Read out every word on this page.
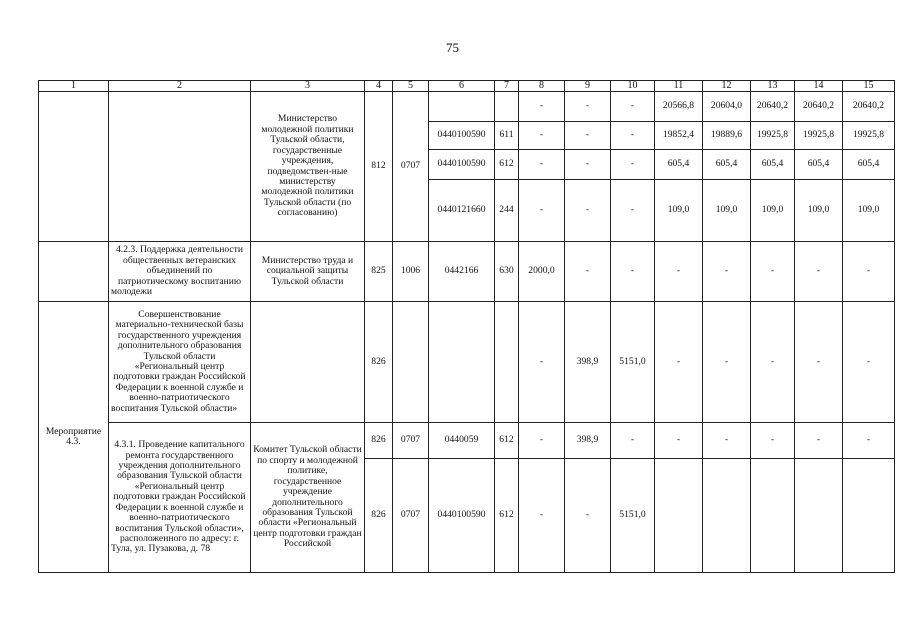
75
1	2	3	4	5	6	7	8	9	10	11	12	13	14	15
		Министерство молодежной политики Тульской области, государственные учреждения, подведомствен-ные министерству молодежной политики Тульской области (по согласованию)	812	0707			-	-	-	20566,8	20604,0	20640,2	20640,2	20640,2
					0440100590	611	-	-	-	19852,4	19889,6	19925,8	19925,8	19925,8
					0440100590	612	-	-	-	605,4	605,4	605,4	605,4	605,4
					0440121660	244	-	-	-	109,0	109,0	109,0	109,0	109,0
	4.2.3. Поддержка деятельности общественных ветеранских объединений по патриотическому воспитанию молодежи	Министерство труда и социальной защиты Тульской области	825	1006	0442166	630	2000,0	-	-	-	-	-	-	-
Мероприятие 4.3.	Совершенствование материально-технической базы государственного учреждения дополнительного образования Тульской области «Региональный центр подготовки граждан Российской Федерации к военной службе и военно-патриотического воспитания Тульской области»		826				-	398,9	5151,0	-	-	-	-	-
	4.3.1. Проведение капитального ремонта государственного учреждения дополнительного образования Тульской области «Региональный центр подготовки граждан Российской Федерации к военной службе и военно-патриотического воспитания Тульской области», расположенного по адресу: г. Тула, ул. Пузакова, д. 78	Комитет Тульской области по спорту и молодежной политике, государственное учреждение дополнительного образования Тульской области «Региональный центр подготовки граждан Российской	826	0707	0440059	612	-	398,9	-	-	-	-	-	-
			826	0707	0440100590	612	-	-	5151,0					
